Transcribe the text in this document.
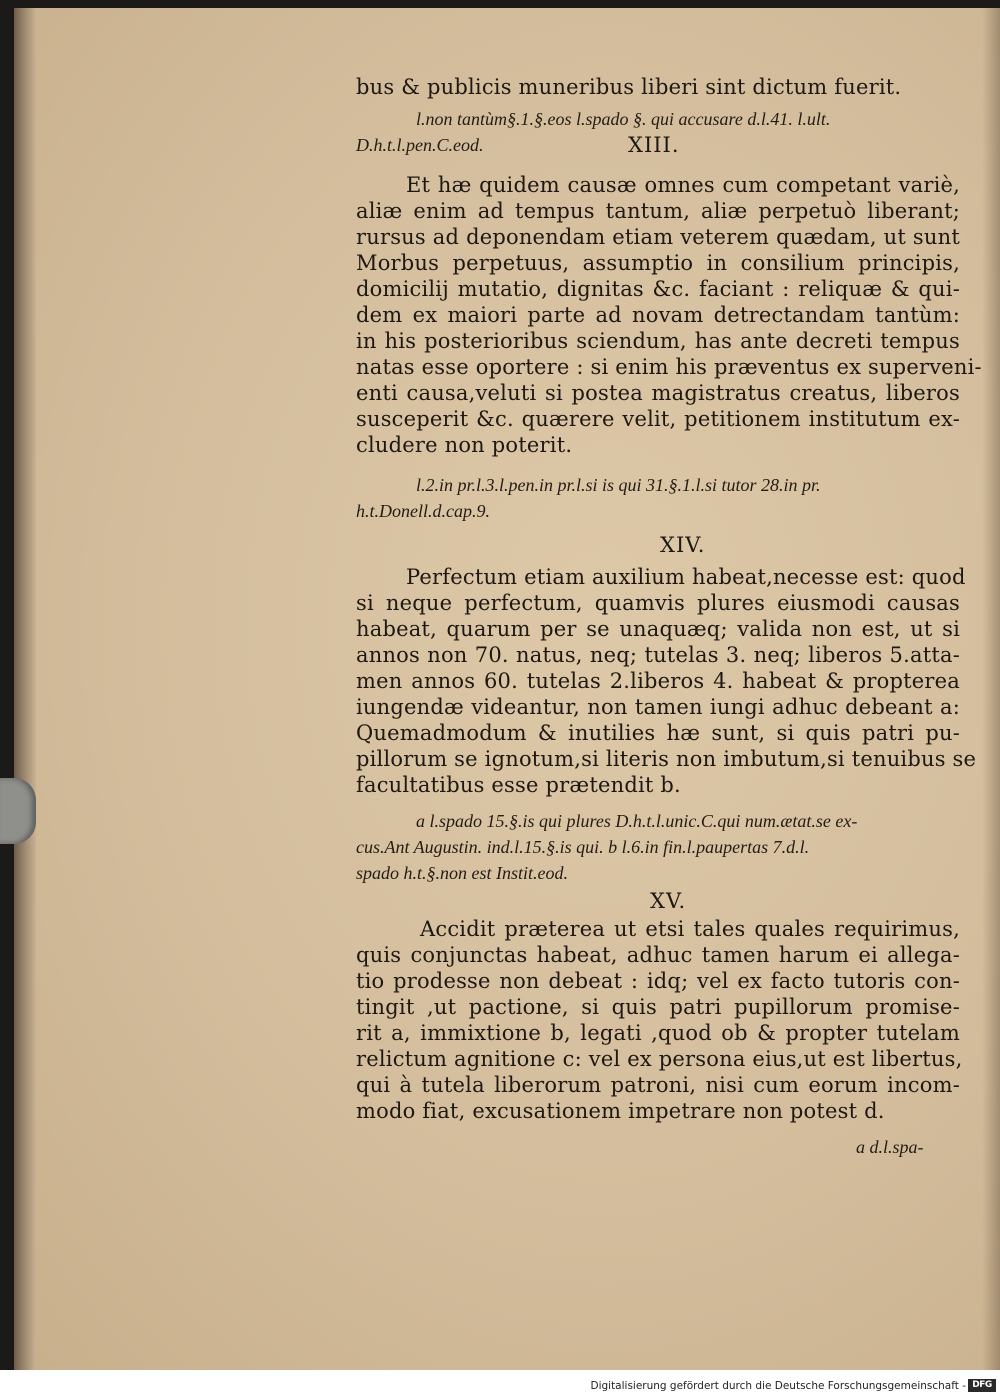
bus & publicis muneribus liberi sint dictum fuerit.
l.non tantùm§.1.§.eos l.spado §. qui accusare d.l.41. l.ult.
D.h.t.l.pen.C.eod.	XIII.
Et hæ quidem causæ omnes cum competant variè,
aliæ enim ad tempus tantum, aliæ perpetuò liberant;
rursus ad deponendam etiam veterem quædam, ut sunt
Morbus perpetuus, assumptio in consilium principis,
domicilij mutatio, dignitas &c. faciant : reliquæ & qui-
dem ex maiori parte ad novam detrectandam tantùm:
in his posterioribus sciendum, has ante decreti tempus
natas esse oportere : si enim his præventus ex superveni-
enti causa,veluti si postea magistratus creatus, liberos
susceperit &c. quærere velit, petitionem institutum ex-
cludere non poterit.
l.2.in pr.l.3.l.pen.in pr.l.si is qui 31.§.1.l.si tutor 28.in pr.
h.t.Donell.d.cap.9.
XIV.
Perfectum etiam auxilium habeat,necesse est: quod
si neque perfectum, quamvis plures eiusmodi causas
habeat, quarum per se unaquæq; valida non est, ut si
annos non 70. natus, neq; tutelas 3. neq; liberos 5.atta-
men annos 60. tutelas 2.liberos 4. habeat & propterea
iungendæ videantur, non tamen iungi adhuc debeant a:
Quemadmodum & inutilies hæ sunt, si quis patri pu-
pillorum se ignotum,si literis non imbutum,si tenuibus se
facultatibus esse prætendit b.
a l.spado 15.§.is qui plures D.h.t.l.unic.C.qui num.ætat.se ex-
cus.Ant Augustin. ind.l.15.§.is qui. b l.6.in fin.l.paupertas 7.d.l.
spado h.t.§.non est Instit.eod.
XV.
Accidit præterea ut etsi tales quales requirimus,
quis conjunctas habeat, adhuc tamen harum ei allega-
tio prodesse non debeat : idq; vel ex facto tutoris con-
tingit ,ut pactione, si quis patri pupillorum promise-
rit a, immixtione b, legati ,quod ob & propter tutelam
relictum agnitione c: vel ex persona eius,ut est libertus,
qui à tutela liberorum patroni, nisi cum eorum incom-
modo fiat, excusationem impetrare non potest d.
a d.l.spa-
Digitalisierung gefördert durch die Deutsche Forschungsgemeinschaft - DFG
